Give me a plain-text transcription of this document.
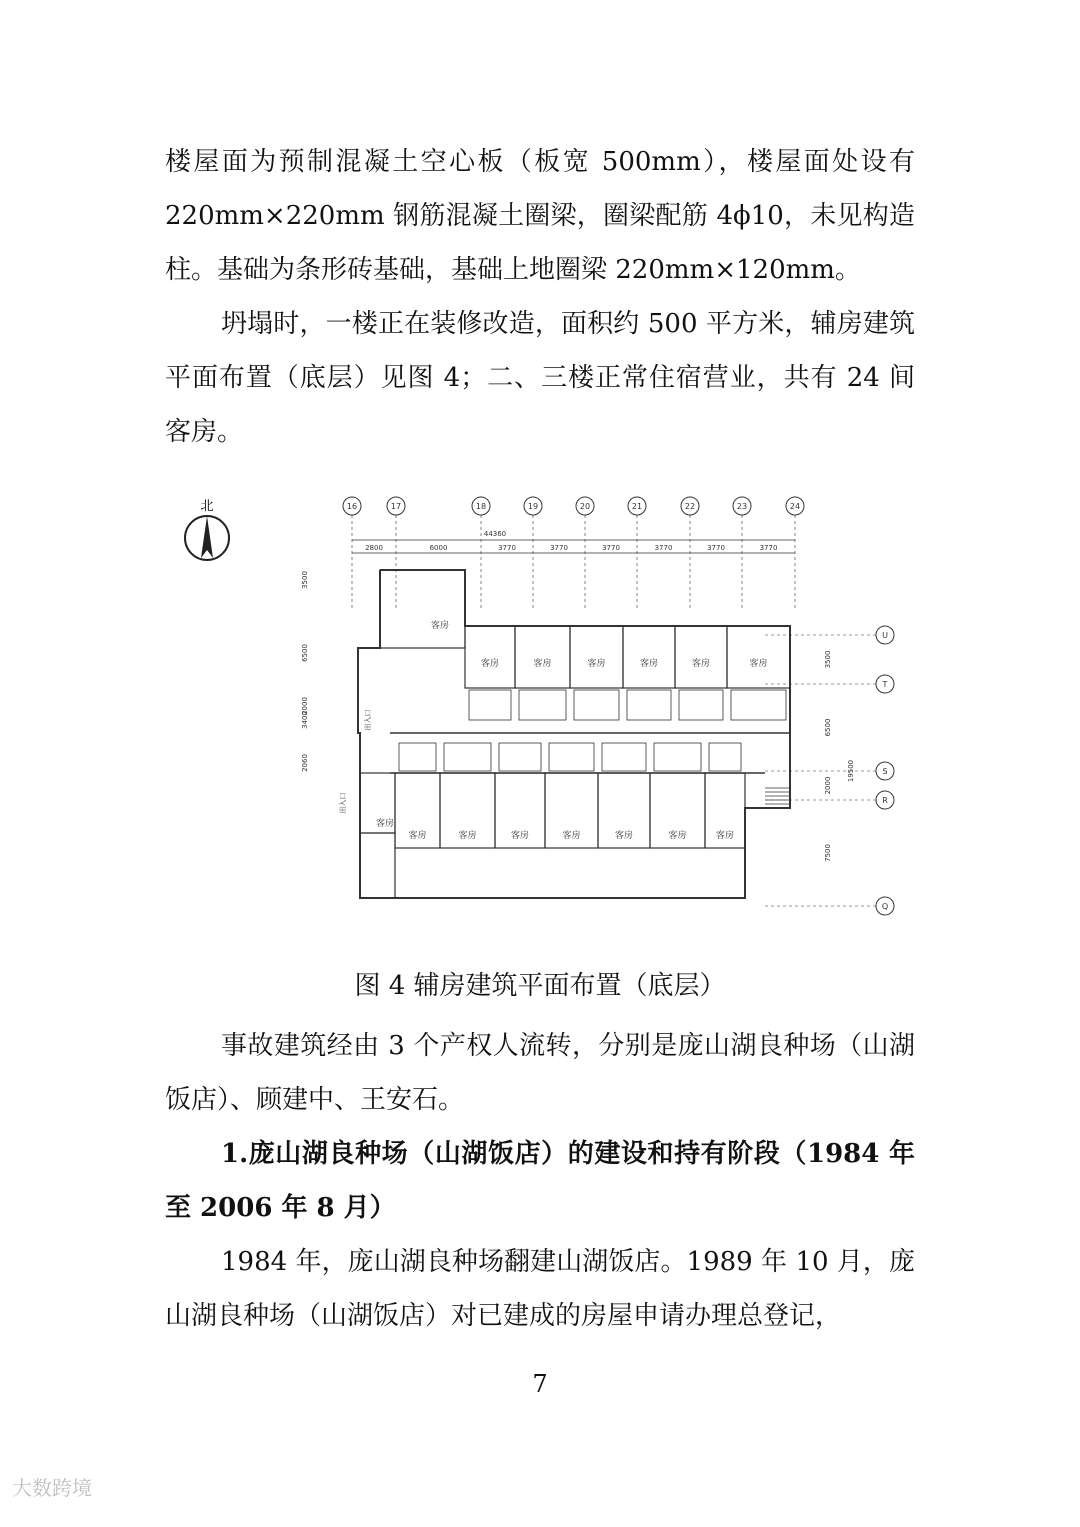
楼屋面为预制混凝土空心板（板宽 500mm），楼屋面处设有 220mm×220mm 钢筋混凝土圈梁，圈梁配筋 4ϕ10，未见构造柱。基础为条形砖基础，基础上地圈梁 220mm×120mm。

坍塌时，一楼正在装修改造，面积约 500 平方米，辅房建筑平面布置（底层）见图 4；二、三楼正常住宿营业，共有 24 间客房。

北	16	17	18	19	20	21	22	23	24
44360
2800	6000	3770	3770	3770	3770	3770	3770
U
T
S
R
Q
3500
6500
2000
7500
19500
3500
6500
2000
3400
2060
客房	客房	客房	客房	客房	客房
客房	客房	客房	客房	客房	客房	客房
客房
客房
出入口
出入口
图 4 辅房建筑平面布置（底层）

事故建筑经由 3 个产权人流转，分别是庞山湖良种场（山湖饭店）、顾建中、王安石。

1.庞山湖良种场（山湖饭店）的建设和持有阶段（1984 年至 2006 年 8 月）

1984 年，庞山湖良种场翻建山湖饭店。1989 年 10 月，庞山湖良种场（山湖饭店）对已建成的房屋申请办理总登记，

7
大数跨境
